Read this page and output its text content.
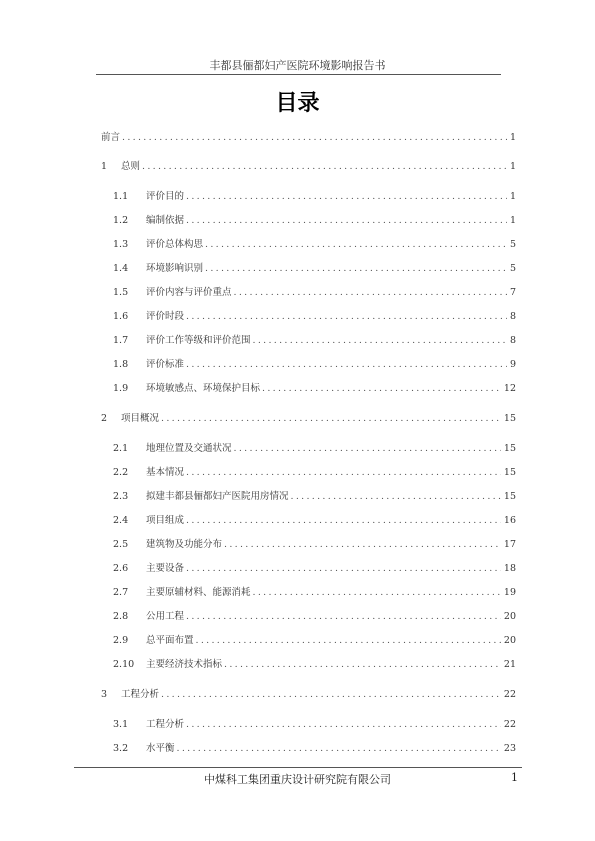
丰都县俪都妇产医院环境影响报告书
目录
前言 .....	1
1	总则 .....	1
1.1	评价目的 .....	1
1.2	编制依据 .....	1
1.3	评价总体构思 .....	5
1.4	环境影响识别 .....	5
1.5	评价内容与评价重点 .....	7
1.6	评价时段 .....	8
1.7	评价工作等级和评价范围 .....	8
1.8	评价标准 .....	9
1.9	环境敏感点、环境保护目标 .....	12
2	项目概况 .....	15
2.1	地理位置及交通状况 .....	15
2.2	基本情况 .....	15
2.3	拟建丰都县俪都妇产医院用房情况 .....	15
2.4	项目组成 .....	16
2.5	建筑物及功能分布 .....	17
2.6	主要设备 .....	18
2.7	主要原辅材料、能源消耗 .....	19
2.8	公用工程 .....	20
2.9	总平面布置 .....	20
2.10	主要经济技术指标 .....	21
3	工程分析 .....	22
3.1	工程分析 .....	22
3.2	水平衡 .....	23
中煤科工集团重庆设计研究院有限公司	1
